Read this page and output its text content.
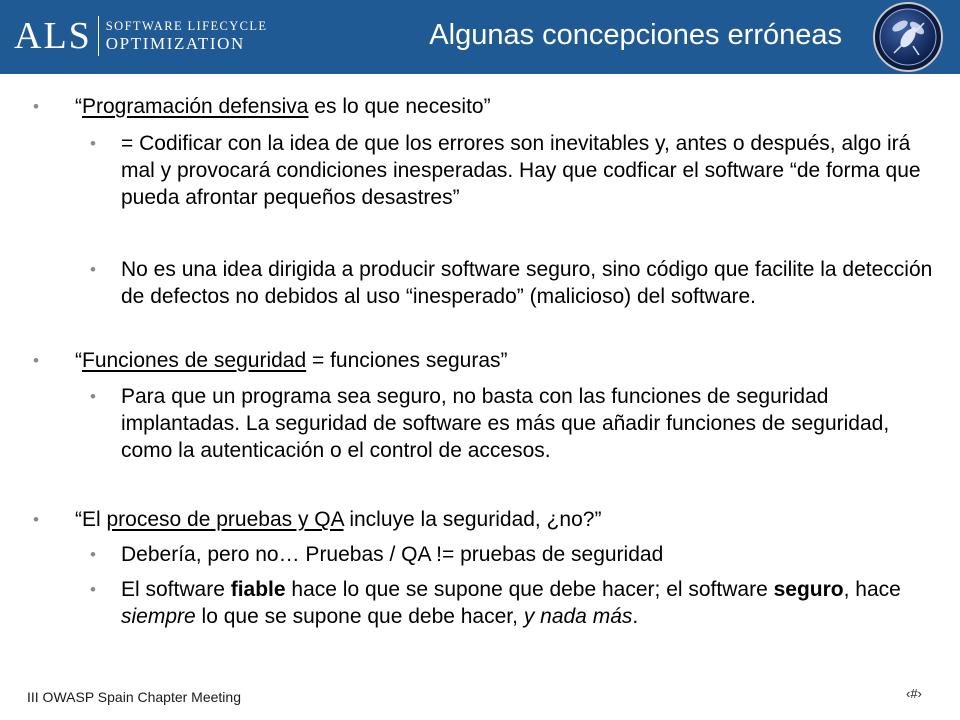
ALS SOFTWARE LIFECYCLE
OPTIMIZATION	Algunas concepciones erróneas
• “Programación defensiva es lo que necesito”
• = Codificar con la idea de que los errores son inevitables y, antes o después, algo irá mal y provocará condiciones inesperadas. Hay que codficar el software “de forma que pueda afrontar pequeños desastres”
• No es una idea dirigida a producir software seguro, sino código que facilite la detección de defectos no debidos al uso “inesperado” (malicioso) del software.
• “Funciones de seguridad = funciones seguras”
• Para que un programa sea seguro, no basta con las funciones de seguridad implantadas. La seguridad de software es más que añadir funciones de seguridad, como la autenticación o el control de accesos.
• “El proceso de pruebas y QA incluye la seguridad, ¿no?”
• Debería, pero no… Pruebas / QA != pruebas de seguridad
• El software fiable hace lo que se supone que debe hacer; el software seguro, hace siempre lo que se supone que debe hacer, y nada más.
III OWASP Spain Chapter Meeting	‹#›
